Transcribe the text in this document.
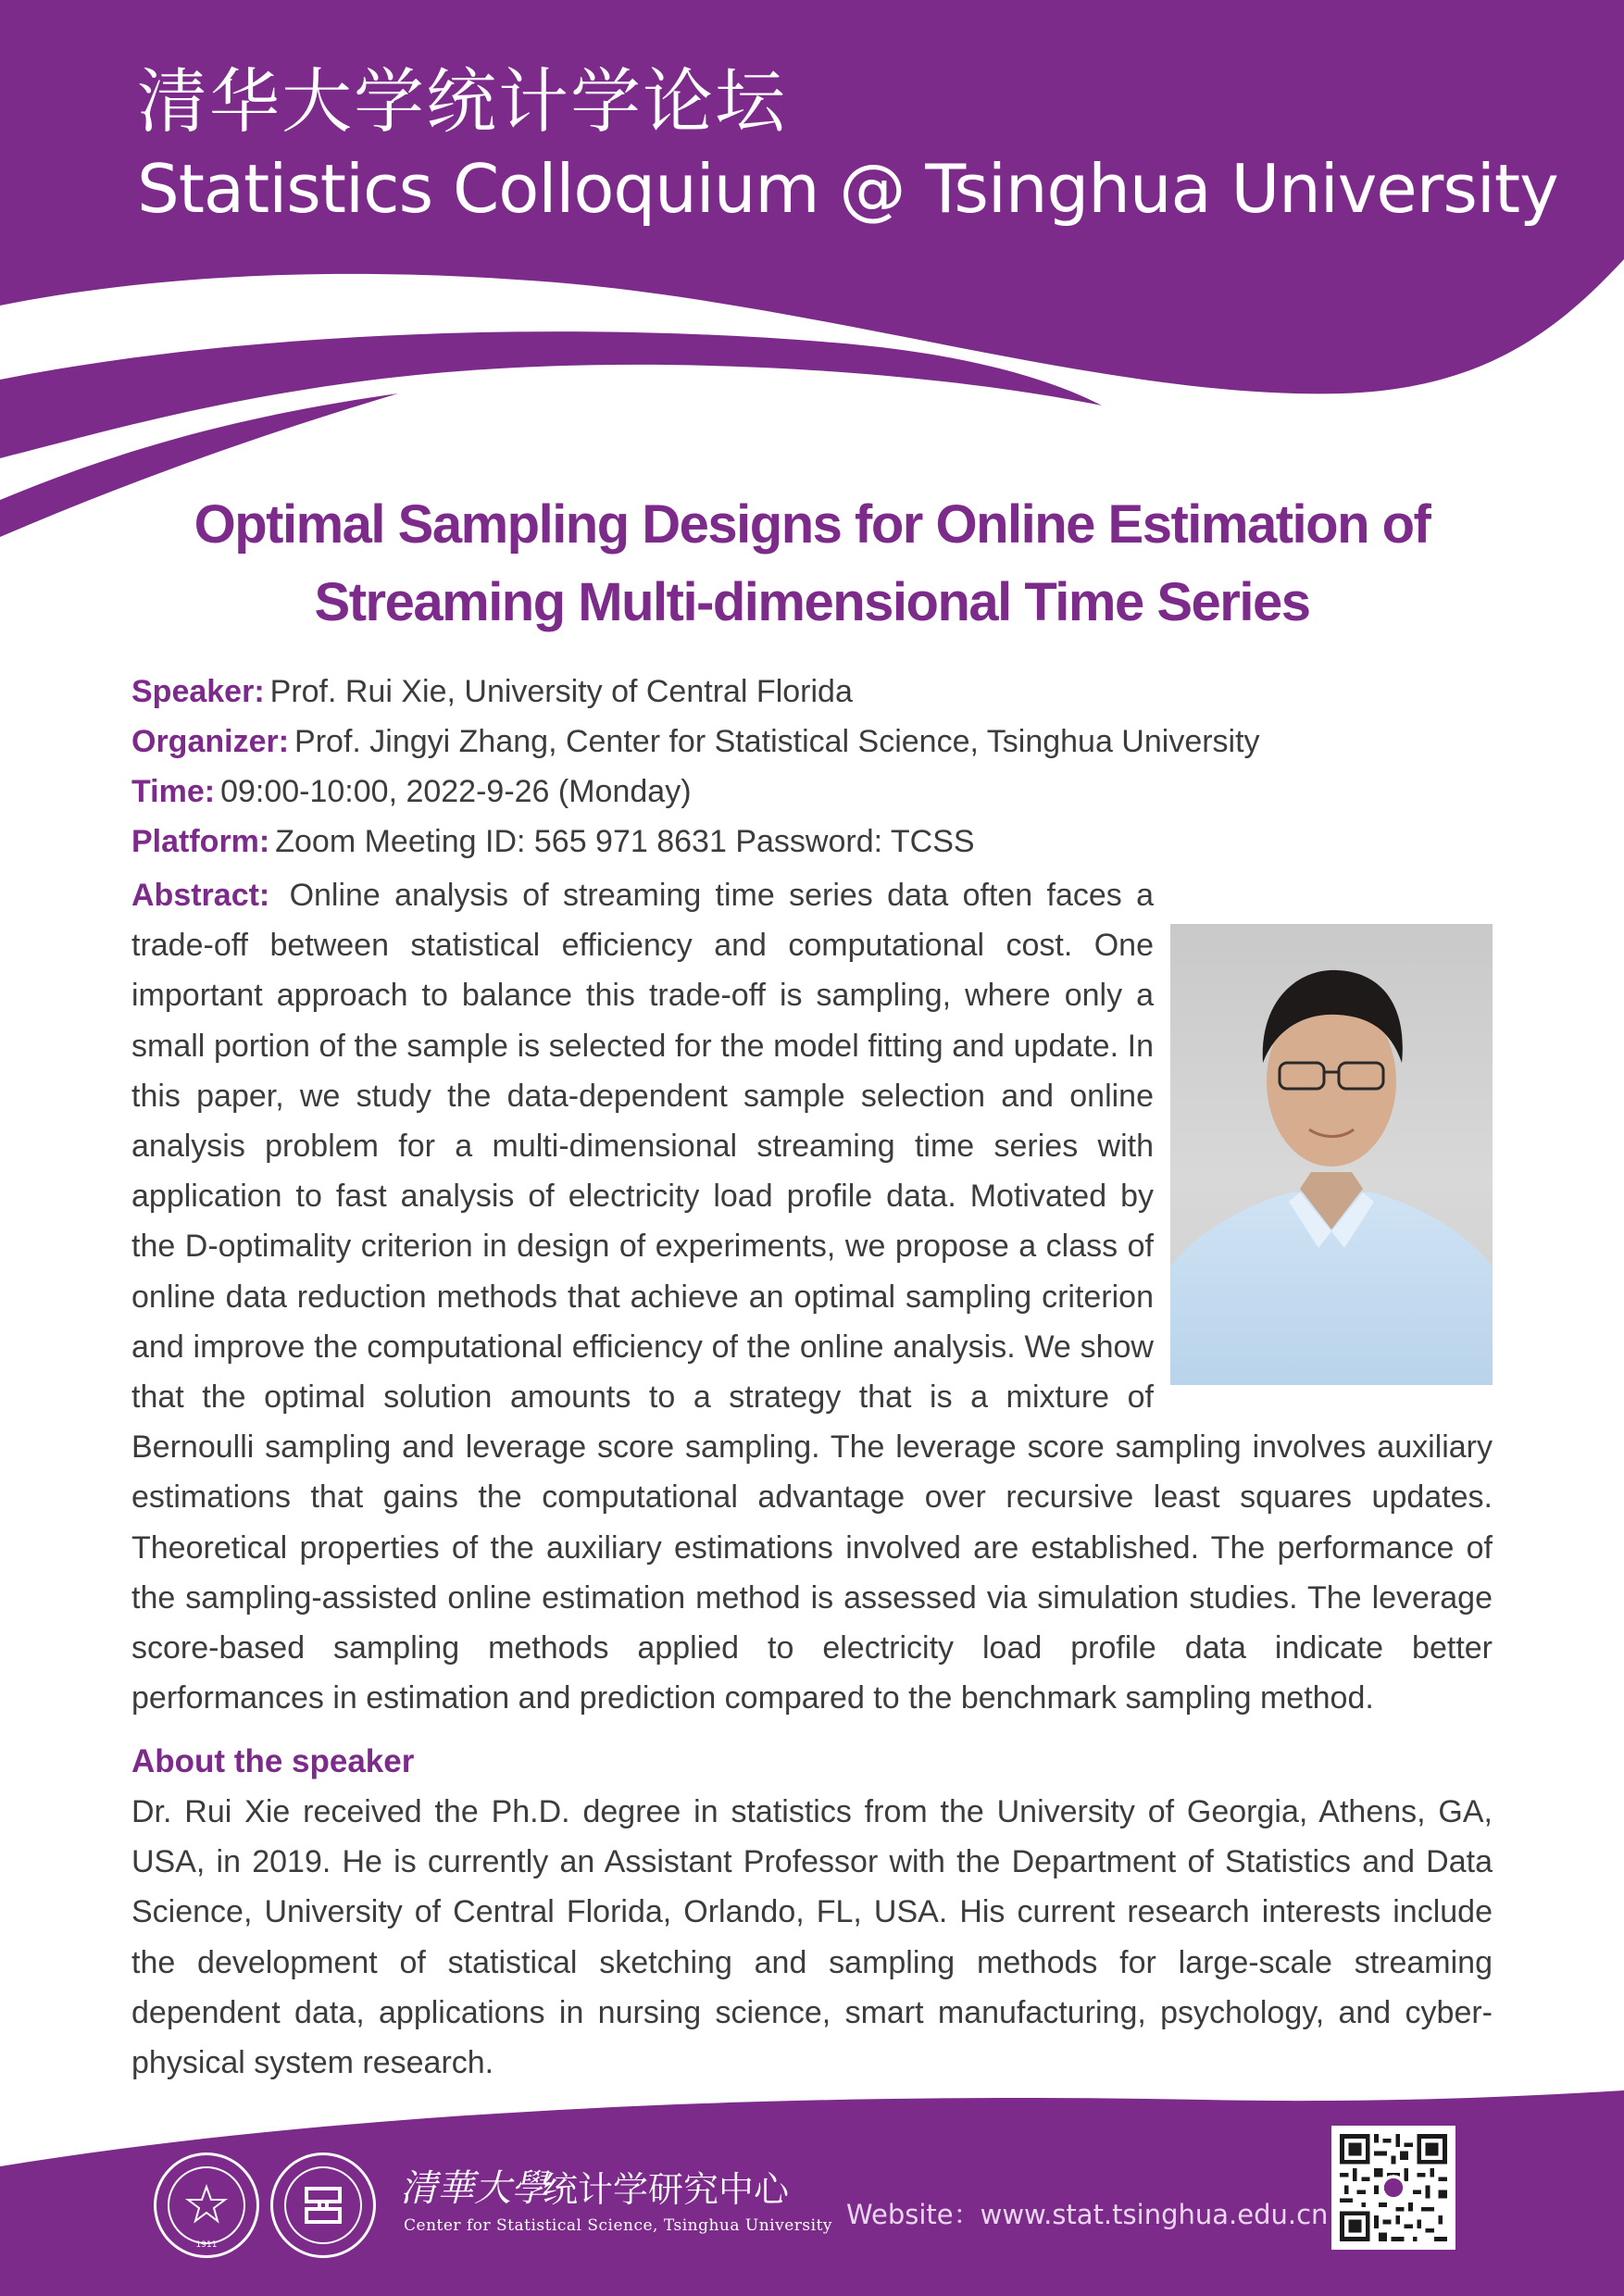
清华大学统计学论坛
Statistics Colloquium @ Tsinghua University
Optimal Sampling Designs for Online Estimation of
Streaming Multi-dimensional Time Series
Speaker: Prof. Rui Xie, University of Central Florida
Organizer: Prof. Jingyi Zhang, Center for Statistical Science, Tsinghua University
Time: 09:00-10:00, 2022-9-26 (Monday)
Platform: Zoom Meeting ID: 565 971 8631 Password: TCSS
Abstract: Online analysis of streaming time series data often faces a trade-off between statistical efficiency and computational cost. One important approach to balance this trade-off is sampling, where only a small portion of the sample is selected for the model fitting and update. In this paper, we study the data-dependent sample selection and online analysis problem for a multi-dimensional streaming time series with application to fast analysis of electricity load profile data. Motivated by the D-optimality criterion in design of experiments, we propose a class of online data reduction methods that achieve an optimal sampling criterion and improve the computational efficiency of the online analysis. We show that the optimal solution amounts to a strategy that is a mixture of Bernoulli sampling and leverage score sampling. The leverage score sampling involves auxiliary estimations that gains the computational advantage over recursive least squares updates. Theoretical properties of the auxiliary estimations involved are established. The performance of the sampling-assisted online estimation method is assessed via simulation studies. The leverage score-based sampling methods applied to electricity load profile data indicate better performances in estimation and prediction compared to the benchmark sampling method.
About the speaker

Dr. Rui Xie received the Ph.D. degree in statistics from the University of Georgia, Athens, GA, USA, in 2019. He is currently an Assistant Professor with the Department of Statistics and Data Science, University of Central Florida, Orlando, FL, USA. His current research interests include the development of statistical sketching and sampling methods for large-scale streaming dependent data, applications in nursing science, smart manufacturing, psychology, and cyber-physical system research.

1911
清華大學
统计学研究中心
Center for Statistical Science, Tsinghua University Website：www.stat.tsinghua.edu.cn
